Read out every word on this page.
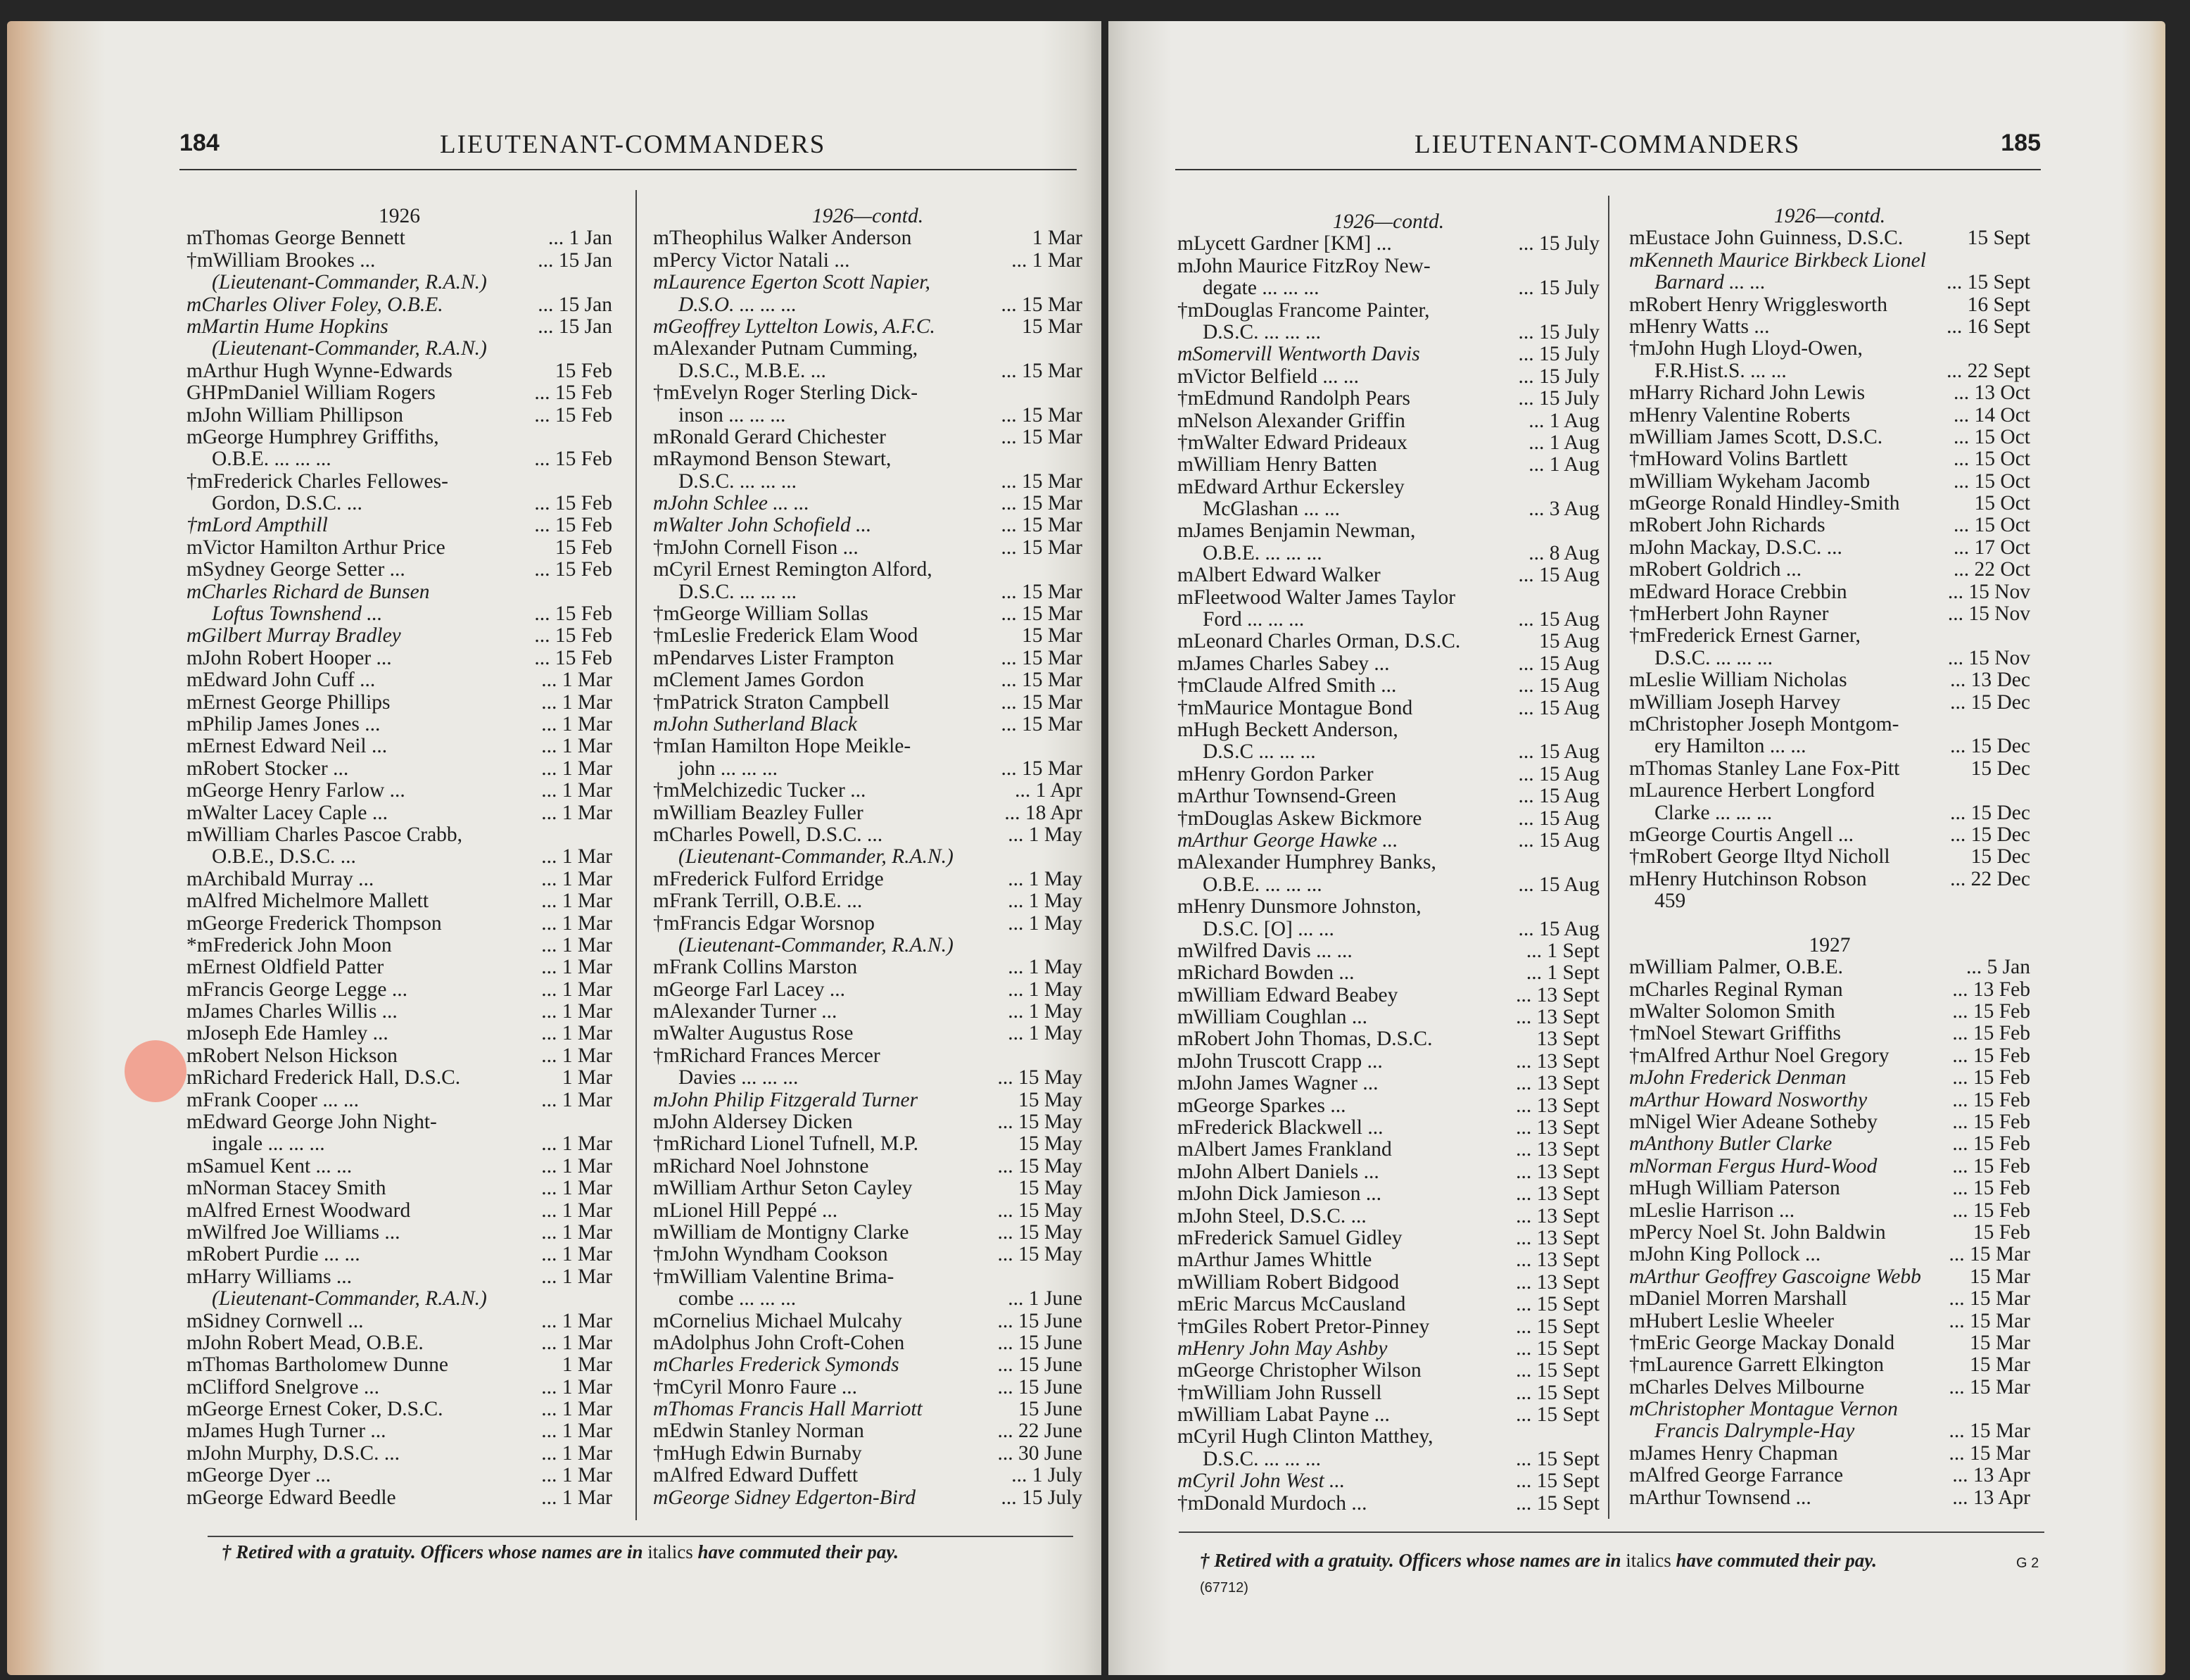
184	LIEUTENANT-COMMANDERS
1926
mThomas George Bennett	... 1 Jan
†mWilliam Brookes ...	... 15 Jan
(Lieutenant-Commander, R.A.N.)
mCharles Oliver Foley, O.B.E.	... 15 Jan
mMartin Hume Hopkins	... 15 Jan
(Lieutenant-Commander, R.A.N.)
mArthur Hugh Wynne-Edwards	15 Feb
GHPmDaniel William Rogers	... 15 Feb
mJohn William Phillipson	... 15 Feb
mGeorge Humphrey Griffiths,
O.B.E. ... ... ...	... 15 Feb
†mFrederick Charles Fellowes-
Gordon, D.S.C. ...	... 15 Feb
†mLord Ampthill	... 15 Feb
mVictor Hamilton Arthur Price	15 Feb
mSydney George Setter ...	... 15 Feb
mCharles Richard de Bunsen
Loftus Townshend ...	... 15 Feb
mGilbert Murray Bradley	... 15 Feb
mJohn Robert Hooper ...	... 15 Feb
mEdward John Cuff ...	... 1 Mar
mErnest George Phillips	... 1 Mar
mPhilip James Jones ...	... 1 Mar
mErnest Edward Neil ...	... 1 Mar
mRobert Stocker ...	... 1 Mar
mGeorge Henry Farlow ...	... 1 Mar
mWalter Lacey Caple ...	... 1 Mar
mWilliam Charles Pascoe Crabb,
O.B.E., D.S.C. ...	... 1 Mar
mArchibald Murray ...	... 1 Mar
mAlfred Michelmore Mallett	... 1 Mar
mGeorge Frederick Thompson	... 1 Mar
*mFrederick John Moon	... 1 Mar
mErnest Oldfield Patter	... 1 Mar
mFrancis George Legge ...	... 1 Mar
mJames Charles Willis ...	... 1 Mar
mJoseph Ede Hamley ...	... 1 Mar
mRobert Nelson Hickson	... 1 Mar
mRichard Frederick Hall, D.S.C.	1 Mar
mFrank Cooper ... ...	... 1 Mar
mEdward George John Night-
ingale ... ... ...	... 1 Mar
mSamuel Kent ... ...	... 1 Mar
mNorman Stacey Smith	... 1 Mar
mAlfred Ernest Woodward	... 1 Mar
mWilfred Joe Williams ...	... 1 Mar
mRobert Purdie ... ...	... 1 Mar
mHarry Williams ...	... 1 Mar
(Lieutenant-Commander, R.A.N.)
mSidney Cornwell ...	... 1 Mar
mJohn Robert Mead, O.B.E.	... 1 Mar
mThomas Bartholomew Dunne	1 Mar
mClifford Snelgrove ...	... 1 Mar
mGeorge Ernest Coker, D.S.C.	... 1 Mar
mJames Hugh Turner ...	... 1 Mar
mJohn Murphy, D.S.C. ...	... 1 Mar
mGeorge Dyer ...	... 1 Mar
mGeorge Edward Beedle	... 1 Mar
1926—contd.
mTheophilus Walker Anderson	1 Mar
mPercy Victor Natali ...	... 1 Mar
mLaurence Egerton Scott Napier,
D.S.O. ... ... ...	... 15 Mar
mGeoffrey Lyttelton Lowis, A.F.C.	15 Mar
mAlexander Putnam Cumming,
D.S.C., M.B.E. ...	... 15 Mar
†mEvelyn Roger Sterling Dick-
inson ... ... ...	... 15 Mar
mRonald Gerard Chichester	... 15 Mar
mRaymond Benson Stewart,
D.S.C. ... ... ...	... 15 Mar
mJohn Schlee ... ...	... 15 Mar
mWalter John Schofield ...	... 15 Mar
†mJohn Cornell Fison ...	... 15 Mar
mCyril Ernest Remington Alford,
D.S.C. ... ... ...	... 15 Mar
†mGeorge William Sollas	... 15 Mar
†mLeslie Frederick Elam Wood	15 Mar
mPendarves Lister Frampton	... 15 Mar
mClement James Gordon	... 15 Mar
†mPatrick Straton Campbell	... 15 Mar
mJohn Sutherland Black	... 15 Mar
†mIan Hamilton Hope Meikle-
john ... ... ...	... 15 Mar
†mMelchizedic Tucker ...	... 1 Apr
mWilliam Beazley Fuller	... 18 Apr
mCharles Powell, D.S.C. ...	... 1 May
(Lieutenant-Commander, R.A.N.)
mFrederick Fulford Erridge	... 1 May
mFrank Terrill, O.B.E. ...	... 1 May
†mFrancis Edgar Worsnop	... 1 May
(Lieutenant-Commander, R.A.N.)
mFrank Collins Marston	... 1 May
mGeorge Farl Lacey ...	... 1 May
mAlexander Turner ...	... 1 May
mWalter Augustus Rose	... 1 May
†mRichard Frances Mercer
Davies ... ... ...	... 15 May
mJohn Philip Fitzgerald Turner	15 May
mJohn Aldersey Dicken	... 15 May
†mRichard Lionel Tufnell, M.P.	15 May
mRichard Noel Johnstone	... 15 May
mWilliam Arthur Seton Cayley	15 May
mLionel Hill Peppé ...	... 15 May
mWilliam de Montigny Clarke	... 15 May
†mJohn Wyndham Cookson	... 15 May
†mWilliam Valentine Brima-
combe ... ... ...	... 1 June
mCornelius Michael Mulcahy	... 15 June
mAdolphus John Croft-Cohen	... 15 June
mCharles Frederick Symonds	... 15 June
†mCyril Monro Faure ...	... 15 June
mThomas Francis Hall Marriott	15 June
mEdwin Stanley Norman	... 22 June
†mHugh Edwin Burnaby	... 30 June
mAlfred Edward Duffett	... 1 July
mGeorge Sidney Edgerton-Bird	... 15 July
† Retired with a gratuity. Officers whose names are in italics have commuted their pay.
LIEUTENANT-COMMANDERS	185
1926—contd.
mLycett Gardner [KM] ...	... 15 July
mJohn Maurice FitzRoy New-
degate ... ... ...	... 15 July
†mDouglas Francome Painter,
D.S.C. ... ... ...	... 15 July
mSomervill Wentworth Davis	... 15 July
mVictor Belfield ... ...	... 15 July
†mEdmund Randolph Pears	... 15 July
mNelson Alexander Griffin	... 1 Aug
†mWalter Edward Prideaux	... 1 Aug
mWilliam Henry Batten	... 1 Aug
mEdward Arthur Eckersley
McGlashan ... ...	... 3 Aug
mJames Benjamin Newman,
O.B.E. ... ... ...	... 8 Aug
mAlbert Edward Walker	... 15 Aug
mFleetwood Walter James Taylor
Ford ... ... ...	... 15 Aug
mLeonard Charles Orman, D.S.C.	15 Aug
mJames Charles Sabey ...	... 15 Aug
†mClaude Alfred Smith ...	... 15 Aug
†mMaurice Montague Bond	... 15 Aug
mHugh Beckett Anderson,
D.S.C ... ... ...	... 15 Aug
mHenry Gordon Parker	... 15 Aug
mArthur Townsend-Green	... 15 Aug
†mDouglas Askew Bickmore	... 15 Aug
mArthur George Hawke ...	... 15 Aug
mAlexander Humphrey Banks,
O.B.E. ... ... ...	... 15 Aug
mHenry Dunsmore Johnston,
D.S.C. [O] ... ...	... 15 Aug
mWilfred Davis ... ...	... 1 Sept
mRichard Bowden ...	... 1 Sept
mWilliam Edward Beabey	... 13 Sept
mWilliam Coughlan ...	... 13 Sept
mRobert John Thomas, D.S.C.	13 Sept
mJohn Truscott Crapp ...	... 13 Sept
mJohn James Wagner ...	... 13 Sept
mGeorge Sparkes ...	... 13 Sept
mFrederick Blackwell ...	... 13 Sept
mAlbert James Frankland	... 13 Sept
mJohn Albert Daniels ...	... 13 Sept
mJohn Dick Jamieson ...	... 13 Sept
mJohn Steel, D.S.C. ...	... 13 Sept
mFrederick Samuel Gidley	... 13 Sept
mArthur James Whittle	... 13 Sept
mWilliam Robert Bidgood	... 13 Sept
mEric Marcus McCausland	... 15 Sept
†mGiles Robert Pretor-Pinney	... 15 Sept
mHenry John May Ashby	... 15 Sept
mGeorge Christopher Wilson	... 15 Sept
†mWilliam John Russell	... 15 Sept
mWilliam Labat Payne ...	... 15 Sept
mCyril Hugh Clinton Matthey,
D.S.C. ... ... ...	... 15 Sept
mCyril John West ...	... 15 Sept
†mDonald Murdoch ...	... 15 Sept
1926—contd.
mEustace John Guinness, D.S.C.	15 Sept
mKenneth Maurice Birkbeck Lionel
Barnard ... ...	... 15 Sept
mRobert Henry Wrigglesworth	16 Sept
mHenry Watts ...	... 16 Sept
†mJohn Hugh Lloyd-Owen,
F.R.Hist.S. ... ...	... 22 Sept
mHarry Richard John Lewis	... 13 Oct
mHenry Valentine Roberts	... 14 Oct
mWilliam James Scott, D.S.C.	... 15 Oct
†mHoward Volins Bartlett	... 15 Oct
mWilliam Wykeham Jacomb	... 15 Oct
mGeorge Ronald Hindley-Smith	15 Oct
mRobert John Richards	... 15 Oct
mJohn Mackay, D.S.C. ...	... 17 Oct
mRobert Goldrich ...	... 22 Oct
mEdward Horace Crebbin	... 15 Nov
†mHerbert John Rayner	... 15 Nov
†mFrederick Ernest Garner,
D.S.C. ... ... ...	... 15 Nov
mLeslie William Nicholas	... 13 Dec
mWilliam Joseph Harvey	... 15 Dec
mChristopher Joseph Montgom-
ery Hamilton ... ...	... 15 Dec
mThomas Stanley Lane Fox-Pitt	15 Dec
mLaurence Herbert Longford
Clarke ... ... ...	... 15 Dec
mGeorge Courtis Angell ...	... 15 Dec
†mRobert George Iltyd Nicholl	15 Dec
mHenry Hutchinson Robson	... 22 Dec
459
1927
mWilliam Palmer, O.B.E.	... 5 Jan
mCharles Reginal Ryman	... 13 Feb
mWalter Solomon Smith	... 15 Feb
†mNoel Stewart Griffiths	... 15 Feb
†mAlfred Arthur Noel Gregory	... 15 Feb
mJohn Frederick Denman	... 15 Feb
mArthur Howard Nosworthy	... 15 Feb
mNigel Wier Adeane Sotheby	... 15 Feb
mAnthony Butler Clarke	... 15 Feb
mNorman Fergus Hurd-Wood	... 15 Feb
mHugh William Paterson	... 15 Feb
mLeslie Harrison ...	... 15 Feb
mPercy Noel St. John Baldwin	15 Feb
mJohn King Pollock ...	... 15 Mar
mArthur Geoffrey Gascoigne Webb 15 Mar
mDaniel Morren Marshall	... 15 Mar
mHubert Leslie Wheeler	... 15 Mar
†mEric George Mackay Donald	15 Mar
†mLaurence Garrett Elkington	15 Mar
mCharles Delves Milbourne	... 15 Mar
mChristopher Montague Vernon
Francis Dalrymple-Hay	... 15 Mar
mJames Henry Chapman	... 15 Mar
mAlfred George Farrance	... 13 Apr
mArthur Townsend ...	... 13 Apr
† Retired with a gratuity. Officers whose names are in italics have commuted their pay.
(67712)
G 2
